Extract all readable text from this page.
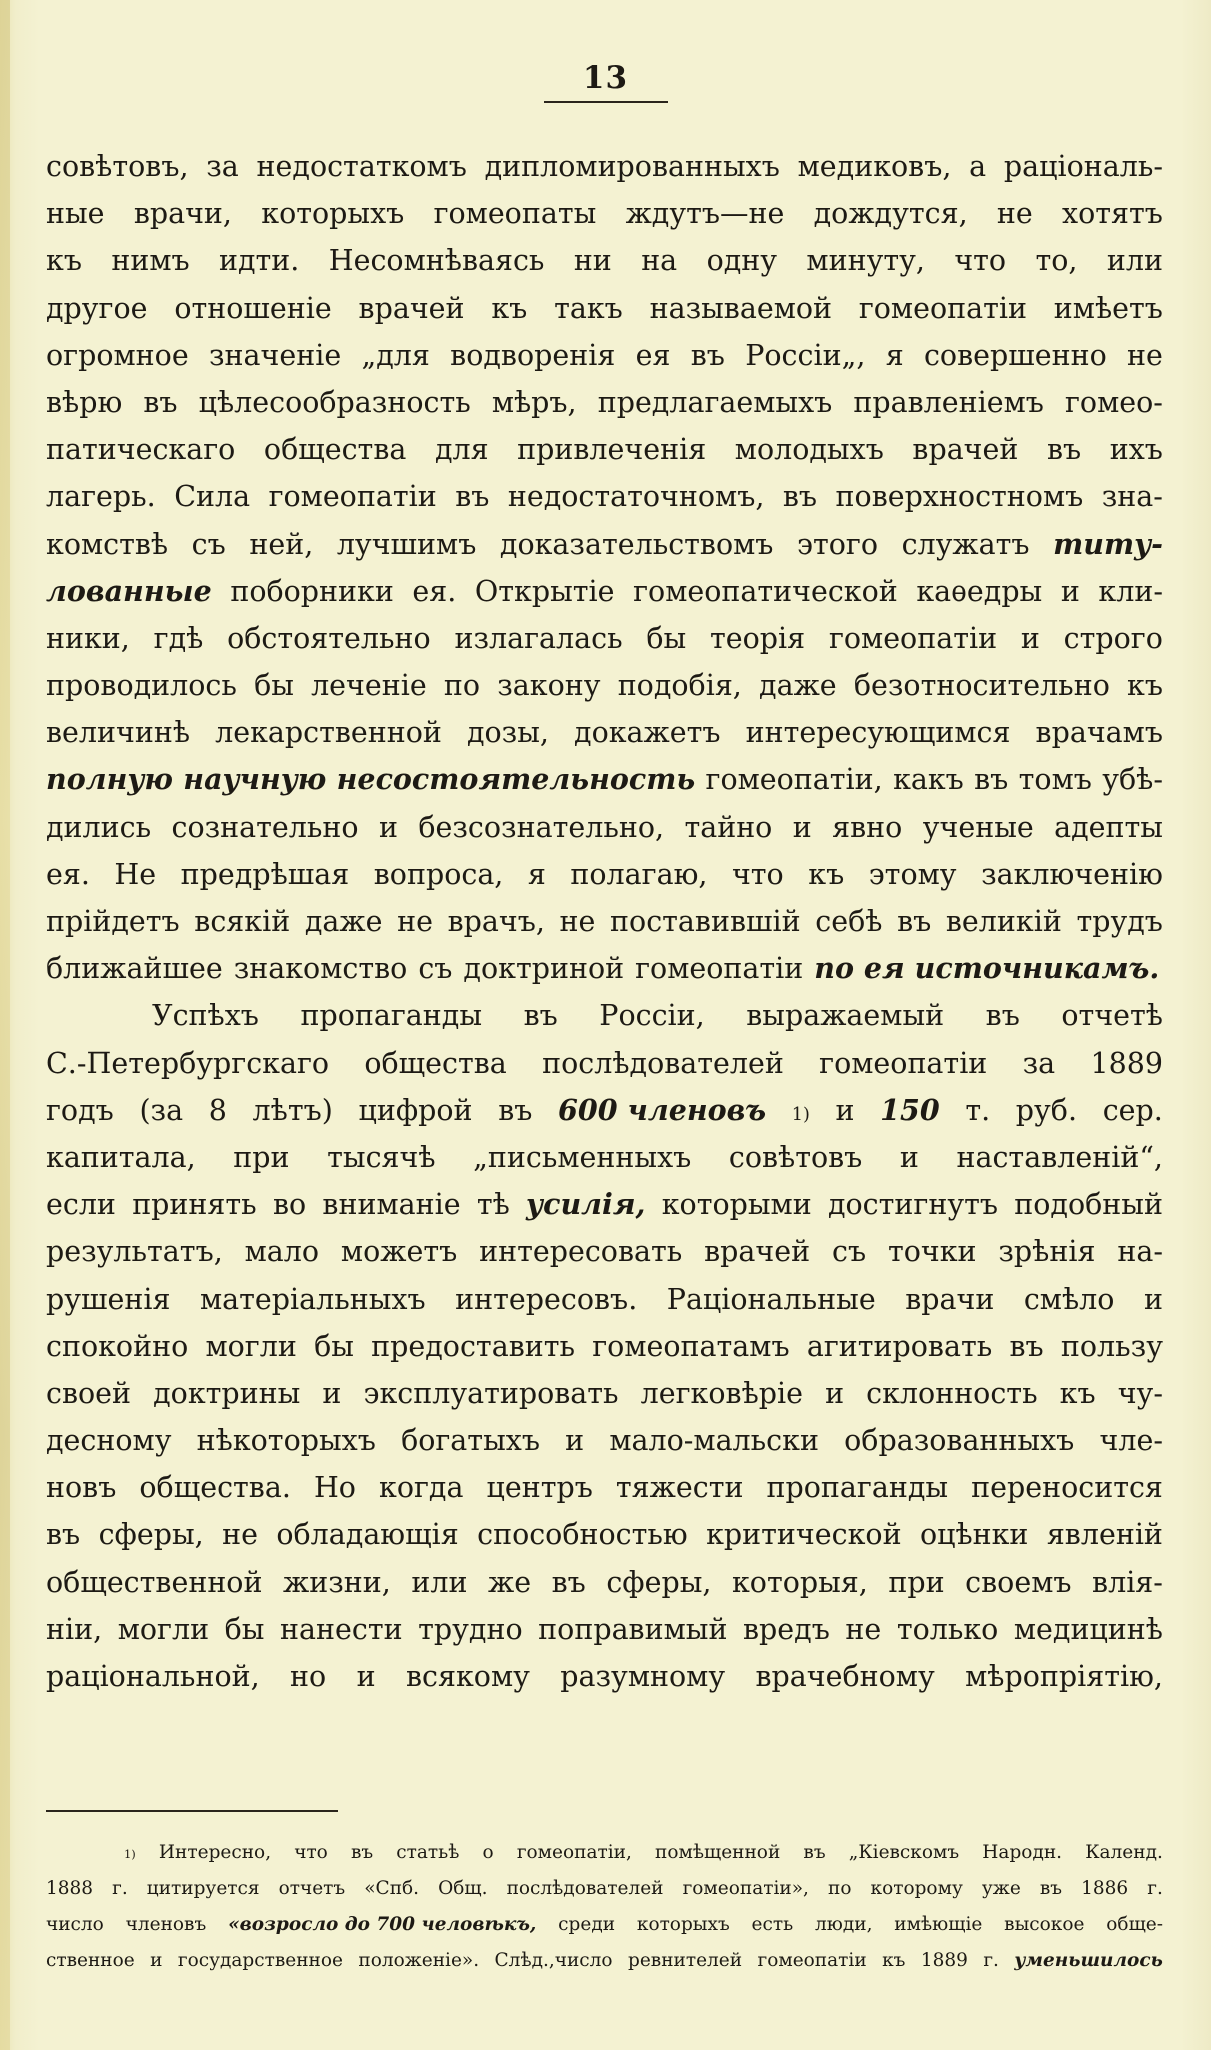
13
совѣтовъ, за недостаткомъ дипломированныхъ медиковъ, а раціональ-
ные врачи, которыхъ гомеопаты ждутъ—не дождутся, не хотятъ
къ нимъ идти. Несомнѣваясь ни на одну минуту, что то, или
другое отношеніе врачей къ такъ называемой гомеопатіи имѣетъ
огромное значеніе „для водворенія ея въ Россіи„, я совершенно не
вѣрю въ цѣлесообразность мѣръ, предлагаемыхъ правленіемъ гомео-
патическаго общества для привлеченія молодыхъ врачей въ ихъ
лагерь. Сила гомеопатіи въ недостаточномъ, въ поверхностномъ зна-
комствѣ съ ней, лучшимъ доказательствомъ этого служатъ титу-
лованные поборники ея. Открытіе гомеопатической каѳедры и кли-
ники, гдѣ обстоятельно излагалась бы теорія гомеопатіи и строго
проводилось бы леченіе по закону подобія, даже безотносительно къ
величинѣ лекарственной дозы, докажетъ интересующимся врачамъ
полную научную несостоятельность гомеопатіи, какъ въ томъ убѣ-
дились сознательно и безсознательно, тайно и явно ученые адепты
ея. Не предрѣшая вопроса, я полагаю, что къ этому заключенію
прійдетъ всякій даже не врачъ, не поставившій себѣ въ великій трудъ
ближайшее знакомство съ доктриной гомеопатіи по ея источникамъ.
Успѣхъ пропаганды въ Россіи, выражаемый въ отчетѣ
С.-Петербургскаго общества послѣдователей гомеопатіи за 1889
годъ (за 8 лѣтъ) цифрой въ 600 членовъ 1) и 150 т. руб. сер.
капитала, при тысячѣ „письменныхъ совѣтовъ и наставленій“,
если принять во вниманіе тѣ усилія, которыми достигнутъ подобный
результатъ, мало можетъ интересовать врачей съ точки зрѣнія на-
рушенія матеріальныхъ интересовъ. Раціональные врачи смѣло и
спокойно могли бы предоставить гомеопатамъ агитировать въ пользу
своей доктрины и эксплуатировать легковѣріе и склонность къ чу-
десному нѣкоторыхъ богатыхъ и мало-мальски образованныхъ чле-
новъ общества. Но когда центръ тяжести пропаганды переносится
въ сферы, не обладающія способностью критической оцѣнки явленій
общественной жизни, или же въ сферы, которыя, при своемъ влія-
ніи, могли бы нанести трудно поправимый вредъ не только медицинѣ
раціональной, но и всякому разумному врачебному мѣропріятію,
1) Интересно, что въ статьѣ о гомеопатіи, помѣщенной въ „Кіевскомъ Народн. Календ.
1888 г. цитируется отчетъ «Спб. Общ. послѣдователей гомеопатіи», по которому уже въ 1886 г.
число членовъ «возросло до 700 человѣкъ, среди которыхъ есть люди, имѣющіе высокое обще-
ственное и государственное положеніе». Слѣд.,число ревнителей гомеопатіи къ 1889 г. уменьшилось
